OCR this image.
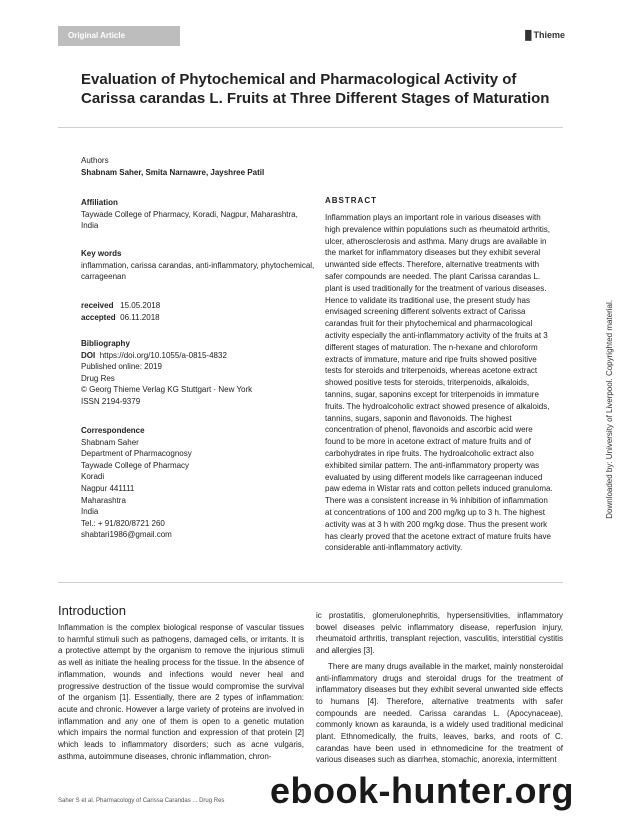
Original Article	█ Thieme
Evaluation of Phytochemical and Pharmacological Activity of Carissa carandas L. Fruits at Three Different Stages of Maturation
Authors
Shabnam Saher, Smita Narnawre, Jayshree Patil
Affiliation
Taywade College of Pharmacy, Koradi, Nagpur, Maharashtra, India
Key words
inflammation, carissa carandas, anti-inflammatory, phytochemical, carrageenan
received 15.05.2018
accepted 06.11.2018
Bibliography
DOI https://doi.org/10.1055/a-0815-4832
Published online: 2019
Drug Res
© Georg Thieme Verlag KG Stuttgart · New York
ISSN 2194-9379
Correspondence
Shabnam Saher
Department of Pharmacognosy
Taywade College of Pharmacy
Koradi
Nagpur 441111
Maharashtra
India
Tel.: + 91/820/8721 260
shabtari1986@gmail.com
ABSTRACT
Inflammation plays an important role in various diseases with high prevalence within populations such as rheumatoid arthritis, ulcer, atherosclerosis and asthma. Many drugs are available in the market for inflammatory diseases but they exhibit several unwanted side effects. Therefore, alternative treatments with safer compounds are needed. The plant Carissa carandas L. plant is used traditionally for the treatment of various diseases. Hence to validate its traditional use, the present study has envisaged screening different solvents extract of Carissa carandas fruit for their phytochemical and pharmacological activity especially the anti-inflammatory activity of the fruits at 3 different stages of maturation. The n-hexane and chloroform extracts of immature, mature and ripe fruits showed positive tests for steroids and triterpenoids, whereas acetone extract showed positive tests for steroids, triterpenoids, alkaloids, tannins, sugar, saponins except for triterpenoids in immature fruits. The hydroalcoholic extract showed presence of alkaloids, tannins, sugars, saponin and flavonoids. The highest concentration of phenol, flavonoids and ascorbic acid were found to be more in acetone extract of mature fruits and of carbohydrates in ripe fruits. The hydroalcoholic extract also exhibited similar pattern. The anti-inflammatory property was evaluated by using different models like carrageenan induced paw edema in Wistar rats and cotton pellets induced granuloma. There was a consistent increase in % inhibition of inflammation at concentrations of 100 and 200 mg/kg up to 3 h. The highest activity was at 3 h with 200 mg/kg dose. Thus the present work has clearly proved that the acetone extract of mature fruits have considerable anti-inflammatory activity.
Downloaded by: University of Liverpool. Copyrighted material.
Introduction

Inflammation is the complex biological response of vascular tissues to harmful stimuli such as pathogens, damaged cells, or irritants. It is a protective attempt by the organism to remove the injurious stimuli as well as initiate the healing process for the tissue. In the absence of inflammation, wounds and infections would never heal and progressive destruction of the tissue would compromise the survival of the organism [1]. Essentially, there are 2 types of inflammation: acute and chronic. However a large variety of proteins are involved in inflammation and any one of them is open to a genetic mutation which impairs the normal function and expression of that protein [2] which leads to inflammatory disorders; such as acne vulgaris, asthma, autoimmune diseases, chronic inflammation, chron-

ic prostatitis, glomerulonephritis, hypersensitivities, inflammatory bowel diseases pelvic inflammatory disease, reperfusion injury, rheumatoid arthritis, transplant rejection, vasculitis, interstitial cystitis and allergies [3].

There are many drugs available in the market, mainly nonsteroidal anti-inflammatory drugs and steroidal drugs for the treatment of inflammatory diseases but they exhibit several unwanted side effects to humans [4]. Therefore, alternative treatments with safer compounds are needed. Carissa carandas L. (Apocynaceae), commonly known as karaunda, is a widely used traditional medicinal plant. Ethnomedically, the fruits, leaves, barks, and roots of C. carandas have been used in ethnomedicine for the treatment of various diseases such as diarrhea, stomachic, anorexia, intermittent

Saher S et al. Pharmacology of Carissa Carandas ... Drug Res ebook-hunter.org
